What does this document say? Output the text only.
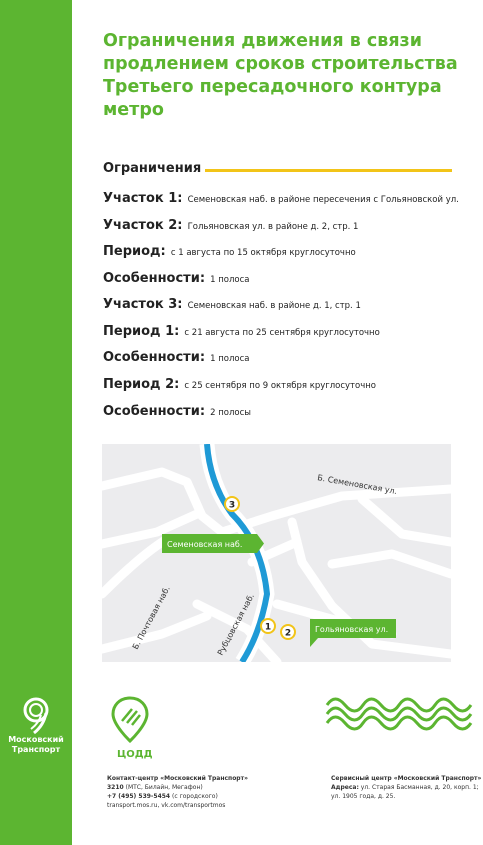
Московский
Транспорт
Ограничения движения в связи
продлением сроков строительства
Третьего пересадочного контура
метро
Ограничения
Участок 1: Семеновская наб. в районе пересечения с Гольяновской ул.
Участок 2: Гольяновская ул. в районе д. 2, стр. 1
Период: с 1 августа по 15 октября круглосуточно
Особенности: 1 полоса
Участок 3: Семеновская наб. в районе д. 1, стр. 1
Период 1: с 21 августа по 25 сентября круглосуточно
Особенности: 1 полоса
Период 2: с 25 сентября по 9 октября круглосуточно
Особенности: 2 полосы
Семеновская наб.
Гольяновская ул.
Б. Семеновская ул.
Б. Почтовая наб.	Рубцовская наб.
3
1
2
ЦОДД
Контакт-центр «Московский Транспорт»
3210 (МТС, Билайн, Мегафон)
+7 (495) 539-5454 (с городского)
transport.mos.ru, vk.com/transportmos
Сервисный центр «Московский Транспорт»
Адреса: ул. Старая Басманная, д. 20, корп. 1;
ул. 1905 года, д. 25.
